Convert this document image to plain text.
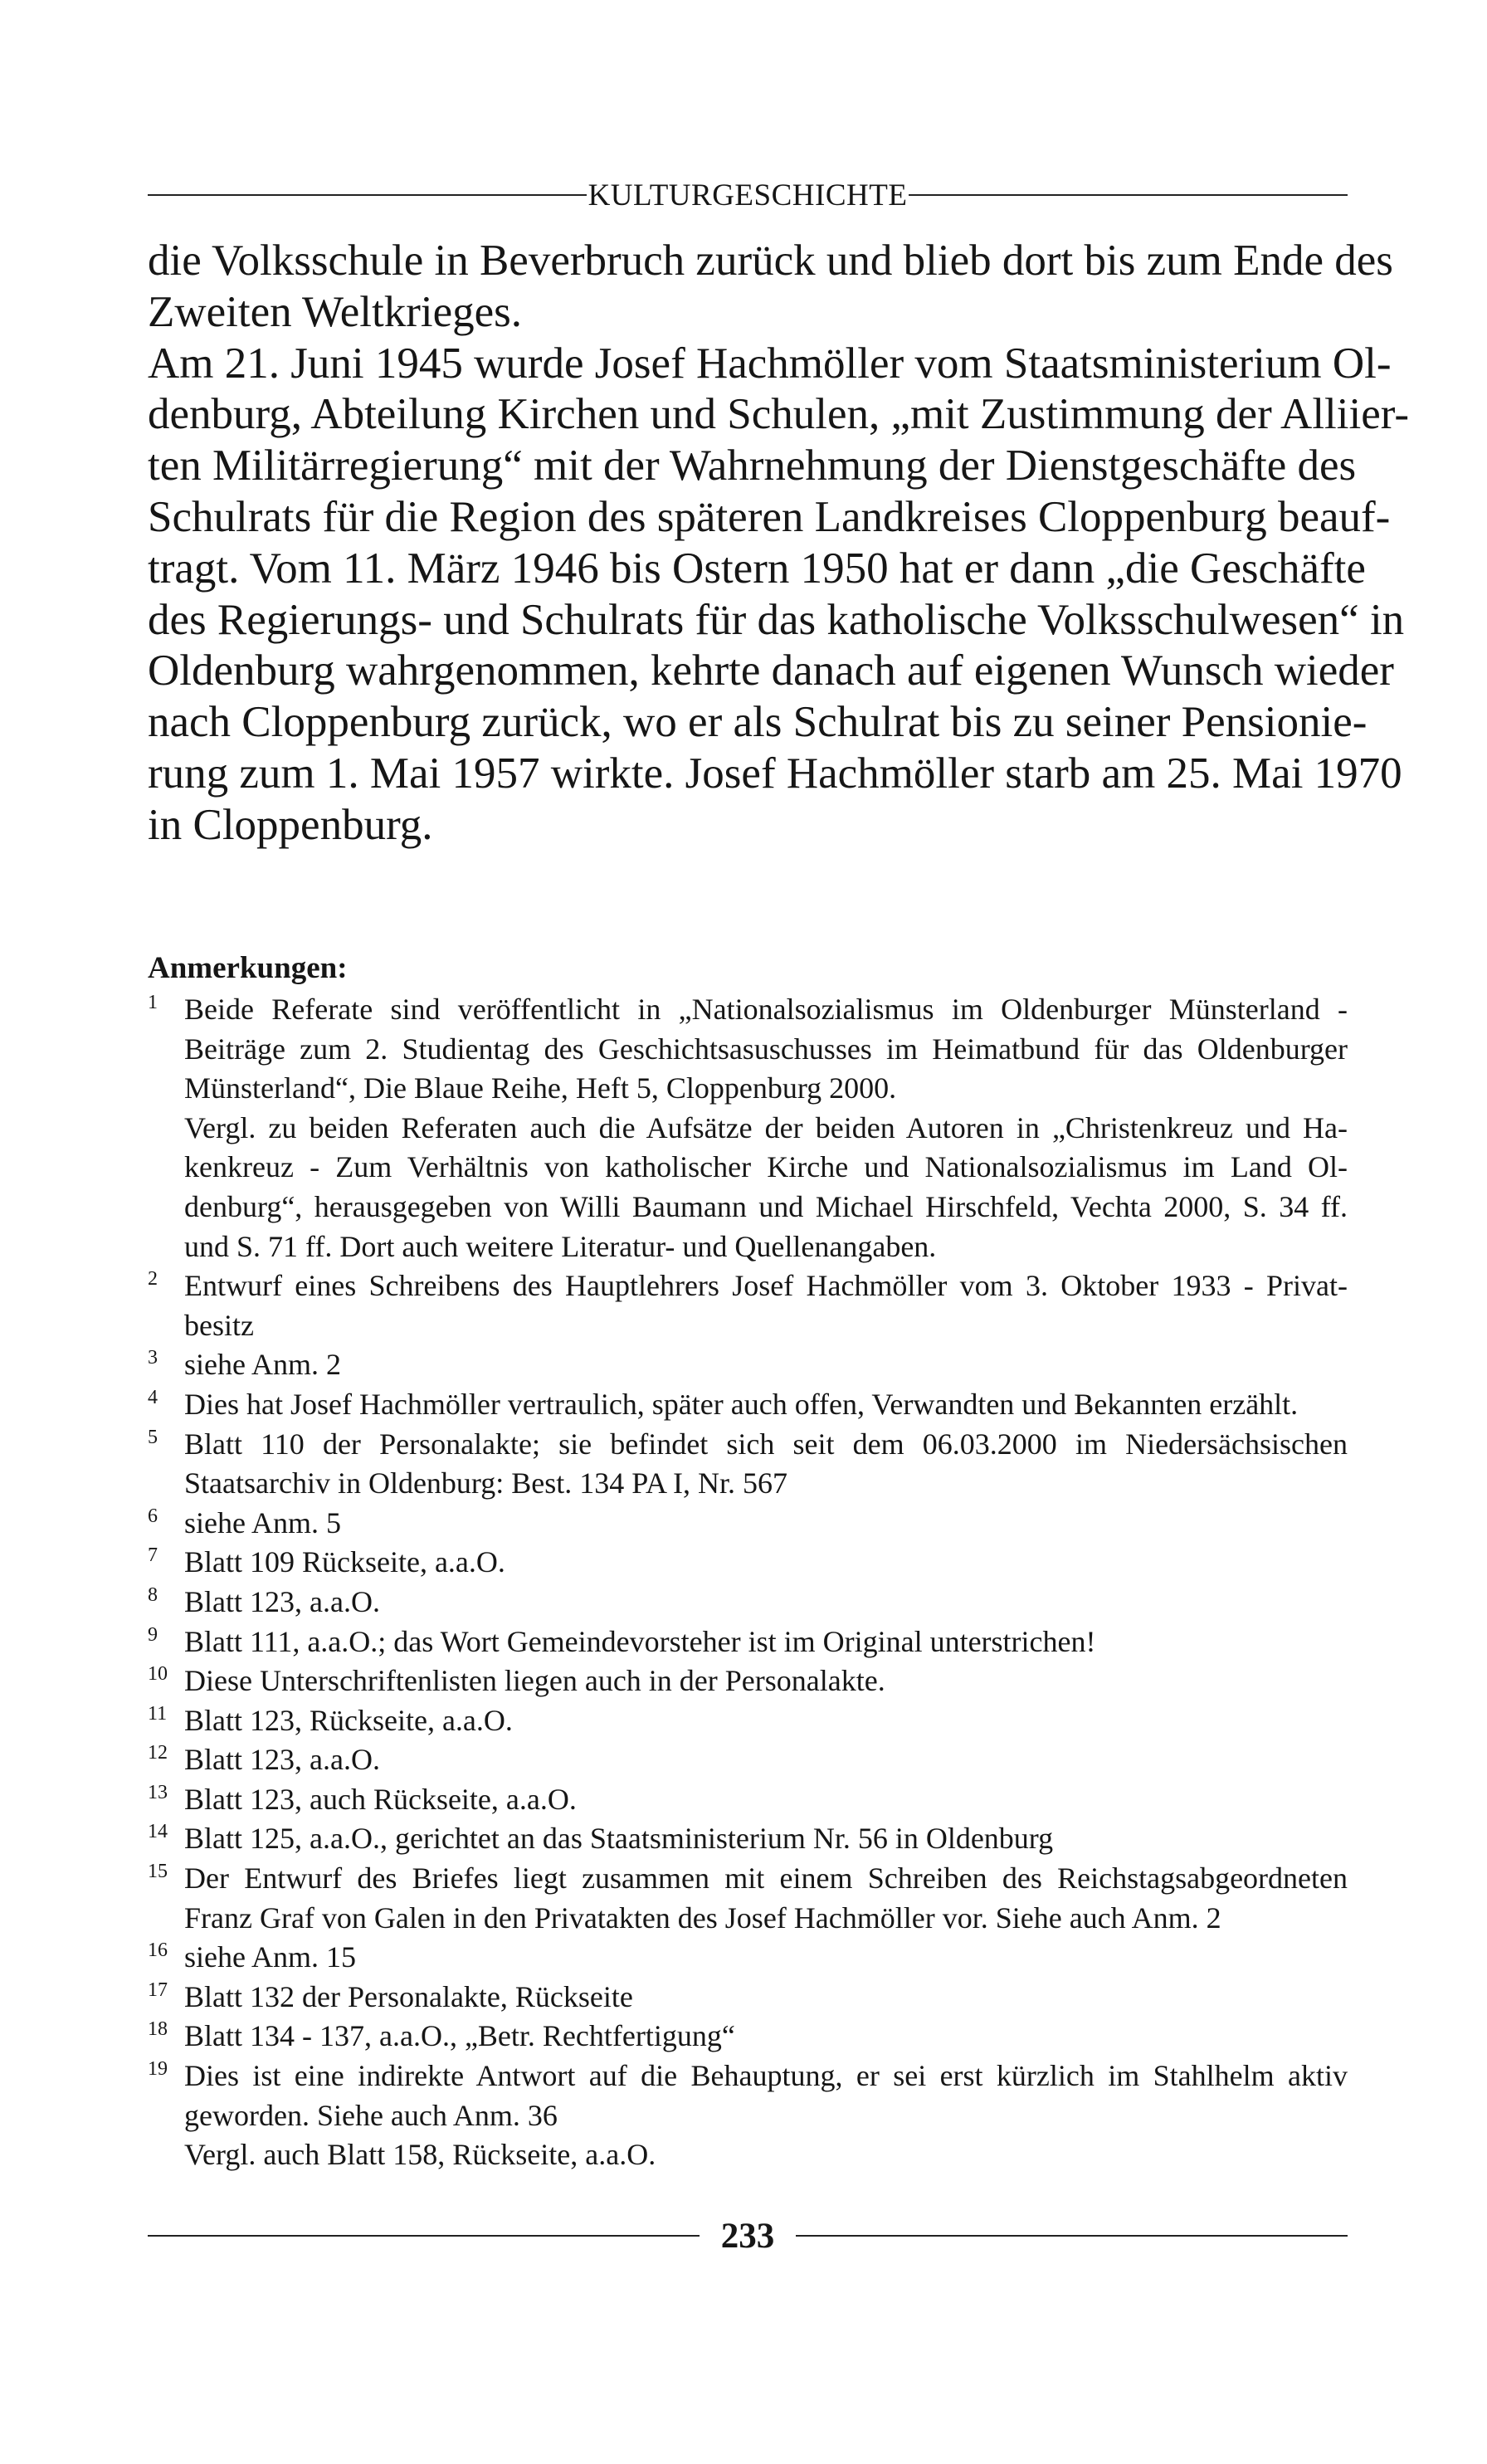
KULTURGESCHICHTE
die Volksschule in Beverbruch zurück und blieb dort bis zum Ende des
Zweiten Weltkrieges.
Am 21. Juni 1945 wurde Josef Hachmöller vom Staatsministerium Ol-
denburg, Abteilung Kirchen und Schulen, „mit Zustimmung der Alliier-
ten Militärregierung“ mit der Wahrnehmung der Dienstgeschäfte des
Schulrats für die Region des späteren Landkreises Cloppenburg beauf-
tragt. Vom 11. März 1946 bis Ostern 1950 hat er dann „die Geschäfte
des Regierungs- und Schulrats für das katholische Volksschulwesen“ in
Oldenburg wahrgenommen, kehrte danach auf eigenen Wunsch wieder
nach Cloppenburg zurück, wo er als Schulrat bis zu seiner Pensionie-
rung zum 1. Mai 1957 wirkte. Josef Hachmöller starb am 25. Mai 1970
in Cloppenburg.
Anmerkungen:
1 Beide Referate sind veröffentlicht in „Nationalsozialismus im Oldenburger Münsterland -
Beiträge zum 2. Studientag des Geschichtsasuschusses im Heimatbund für das Oldenburger
Münsterland“, Die Blaue Reihe, Heft 5, Cloppenburg 2000.
Vergl. zu beiden Referaten auch die Aufsätze der beiden Autoren in „Christenkreuz und Ha-
kenkreuz - Zum Verhältnis von katholischer Kirche und Nationalsozialismus im Land Ol-
denburg“, herausgegeben von Willi Baumann und Michael Hirschfeld, Vechta 2000, S. 34 ff.
und S. 71 ff. Dort auch weitere Literatur- und Quellenangaben.
2 Entwurf eines Schreibens des Hauptlehrers Josef Hachmöller vom 3. Oktober 1933 - Privat-
besitz
3 siehe Anm. 2
4 Dies hat Josef Hachmöller vertraulich, später auch offen, Verwandten und Bekannten erzählt.
5 Blatt 110 der Personalakte; sie befindet sich seit dem 06.03.2000 im Niedersächsischen
Staatsarchiv in Oldenburg: Best. 134 PA I, Nr. 567
6 siehe Anm. 5
7 Blatt 109 Rückseite, a.a.O.
8 Blatt 123, a.a.O.
9 Blatt 111, a.a.O.; das Wort Gemeindevorsteher ist im Original unterstrichen!
10 Diese Unterschriftenlisten liegen auch in der Personalakte.
11 Blatt 123, Rückseite, a.a.O.
12 Blatt 123, a.a.O.
13 Blatt 123, auch Rückseite, a.a.O.
14 Blatt 125, a.a.O., gerichtet an das Staatsministerium Nr. 56 in Oldenburg
15 Der Entwurf des Briefes liegt zusammen mit einem Schreiben des Reichstagsabgeordneten
Franz Graf von Galen in den Privatakten des Josef Hachmöller vor. Siehe auch Anm. 2
16 siehe Anm. 15
17 Blatt 132 der Personalakte, Rückseite
18 Blatt 134 - 137, a.a.O., „Betr. Rechtfertigung“
19 Dies ist eine indirekte Antwort auf die Behauptung, er sei erst kürzlich im Stahlhelm aktiv
geworden. Siehe auch Anm. 36
Vergl. auch Blatt 158, Rückseite, a.a.O.
233
